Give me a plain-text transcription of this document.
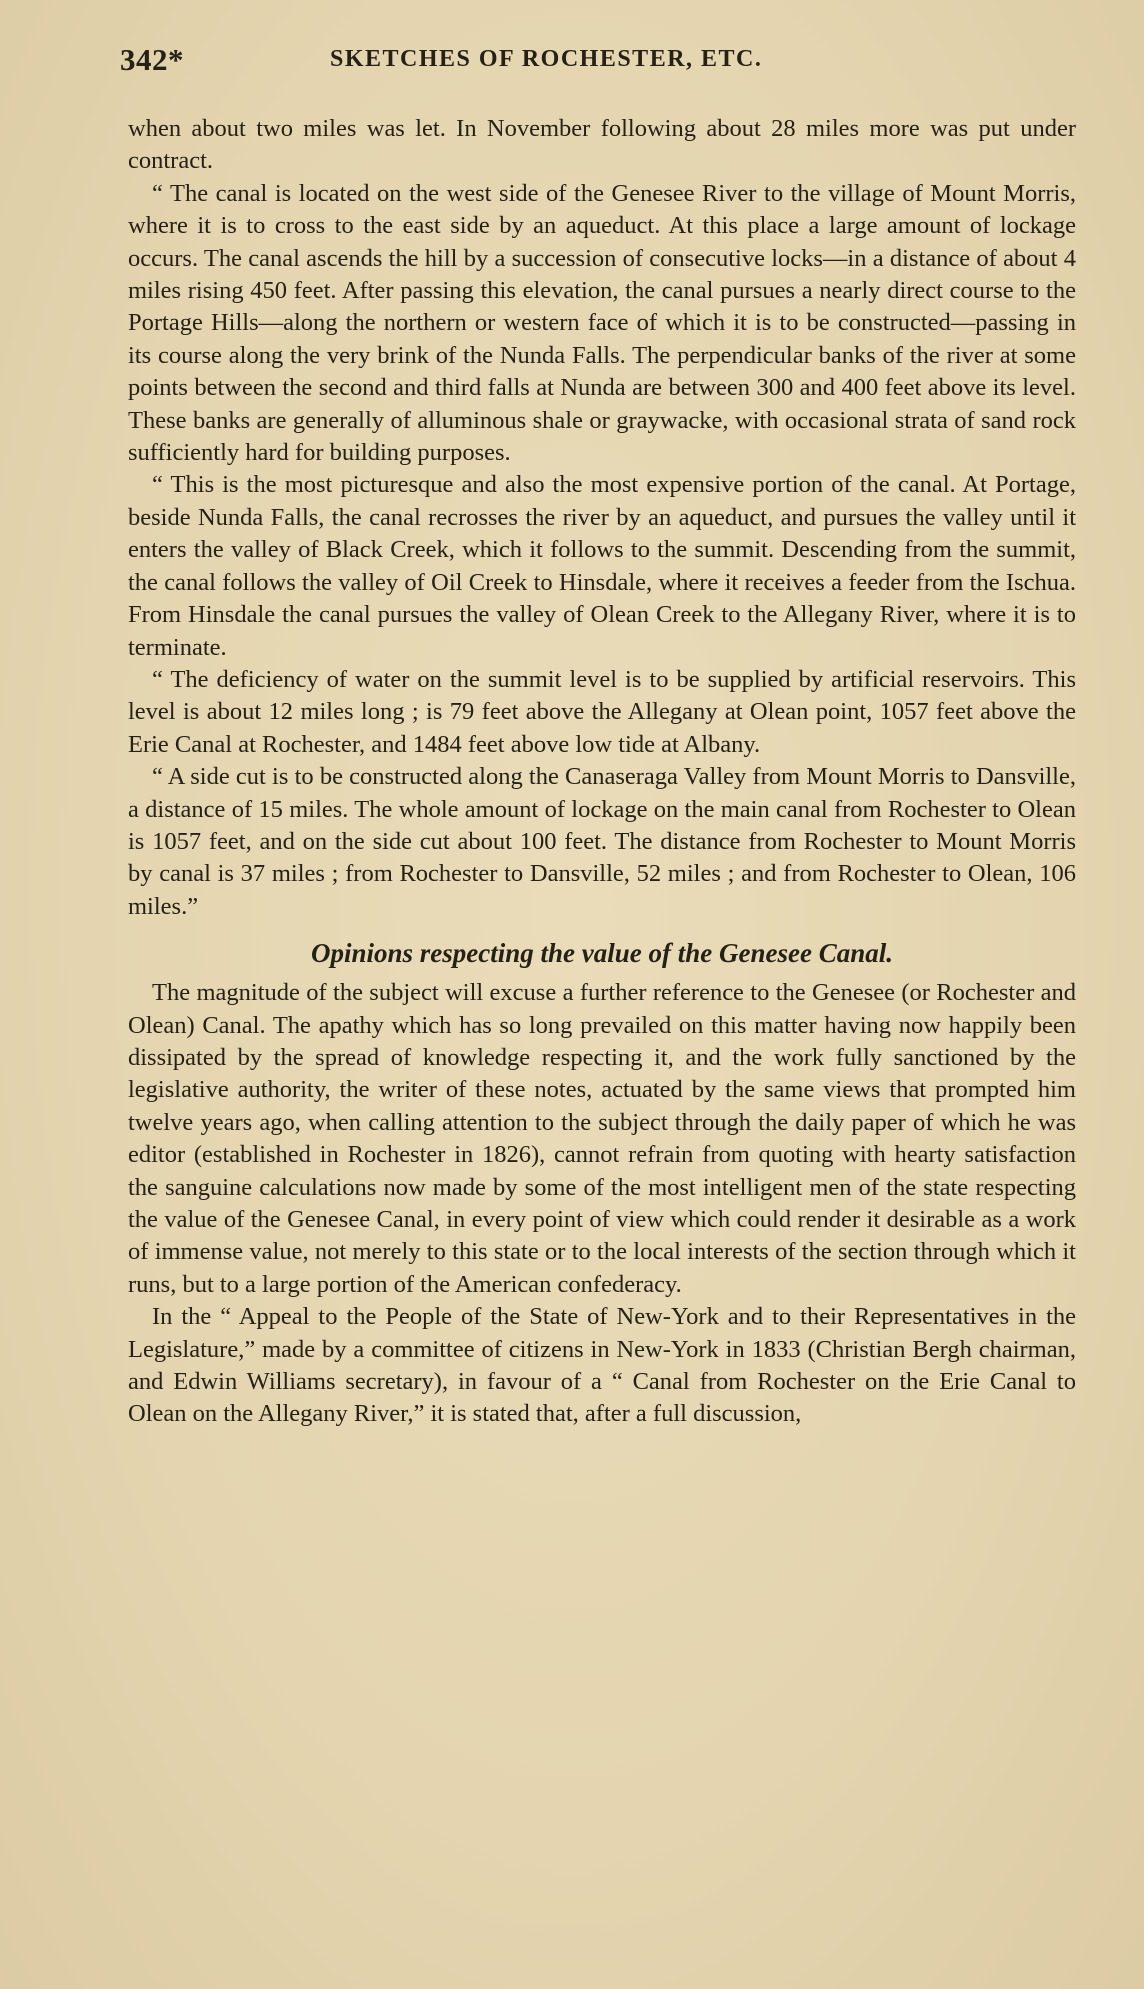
342*	SKETCHES OF ROCHESTER, ETC.

when about two miles was let. In November following about 28 miles more was put under contract.

“ The canal is located on the west side of the Genesee River to the village of Mount Morris, where it is to cross to the east side by an aqueduct. At this place a large amount of lockage occurs. The canal ascends the hill by a succession of consecutive locks—in a distance of about 4 miles rising 450 feet. After passing this elevation, the canal pursues a nearly direct course to the Portage Hills—along the northern or western face of which it is to be constructed—passing in its course along the very brink of the Nunda Falls. The perpendicular banks of the river at some points between the second and third falls at Nunda are between 300 and 400 feet above its level. These banks are generally of alluminous shale or graywacke, with occasional strata of sand rock sufficiently hard for building purposes.

“ This is the most picturesque and also the most expensive portion of the canal. At Portage, beside Nunda Falls, the canal recrosses the river by an aqueduct, and pursues the valley until it enters the valley of Black Creek, which it follows to the summit. Descending from the summit, the canal follows the valley of Oil Creek to Hinsdale, where it receives a feeder from the Ischua. From Hinsdale the canal pursues the valley of Olean Creek to the Allegany River, where it is to terminate.

“ The deficiency of water on the summit level is to be supplied by artificial reservoirs. This level is about 12 miles long ; is 79 feet above the Allegany at Olean point, 1057 feet above the Erie Canal at Rochester, and 1484 feet above low tide at Albany.

“ A side cut is to be constructed along the Canaseraga Valley from Mount Morris to Dansville, a distance of 15 miles. The whole amount of lockage on the main canal from Rochester to Olean is 1057 feet, and on the side cut about 100 feet. The distance from Rochester to Mount Morris by canal is 37 miles ; from Rochester to Dansville, 52 miles ; and from Rochester to Olean, 106 miles.”

Opinions respecting the value of the Genesee Canal.

The magnitude of the subject will excuse a further reference to the Genesee (or Rochester and Olean) Canal. The apathy which has so long prevailed on this matter having now happily been dissipated by the spread of knowledge respecting it, and the work fully sanctioned by the legislative authority, the writer of these notes, actuated by the same views that prompted him twelve years ago, when calling attention to the subject through the daily paper of which he was editor (established in Rochester in 1826), cannot refrain from quoting with hearty satisfaction the sanguine calculations now made by some of the most intelligent men of the state respecting the value of the Genesee Canal, in every point of view which could render it desirable as a work of immense value, not merely to this state or to the local interests of the section through which it runs, but to a large portion of the American confederacy.

In the “ Appeal to the People of the State of New-York and to their Representatives in the Legislature,” made by a committee of citizens in New-York in 1833 (Christian Bergh chairman, and Edwin Williams secretary), in favour of a “ Canal from Rochester on the Erie Canal to Olean on the Allegany River,” it is stated that, after a full discussion,
